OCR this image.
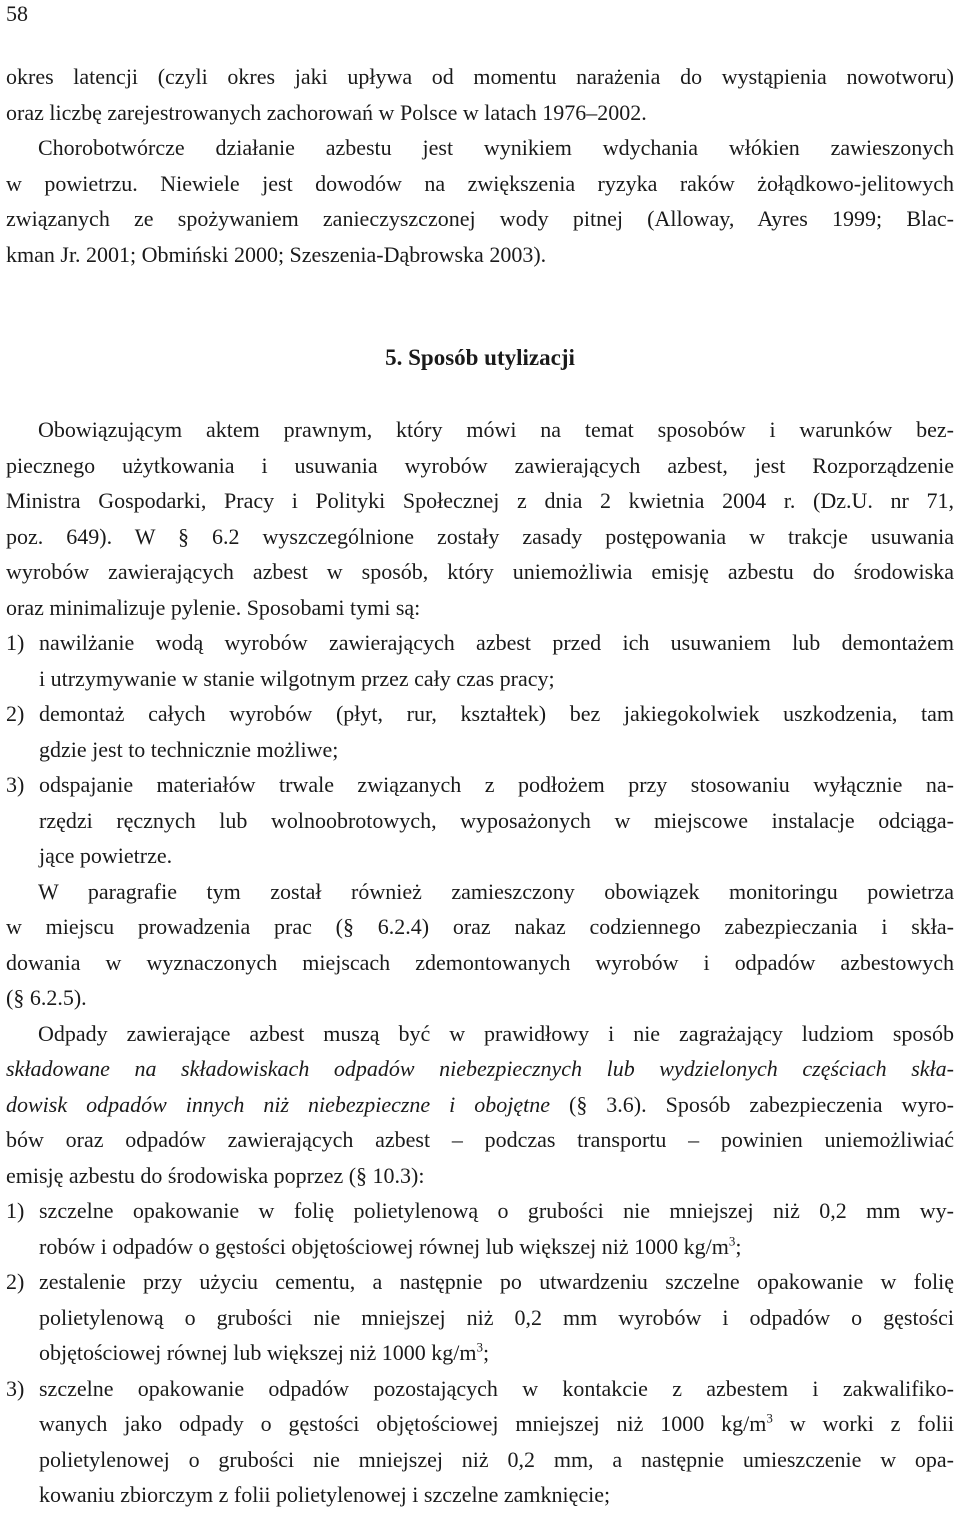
58
okres latencji (czyli okres jaki upływa od momentu narażenia do wystąpienia nowotworu)
oraz liczbę zarejestrowanych zachorowań w Polsce w latach 1976–2002.
Chorobotwórcze działanie azbestu jest wynikiem wdychania włókien zawieszonych
w powietrzu. Niewiele jest dowodów na zwiększenia ryzyka raków żołądkowo-jelitowych
związanych ze spożywaniem zanieczyszczonej wody pitnej (Alloway, Ayres 1999; Blac-
kman Jr. 2001; Obmiński 2000; Szeszenia-Dąbrowska 2003).
5. Sposób utylizacji
Obowiązującym aktem prawnym, który mówi na temat sposobów i warunków bez-
piecznego użytkowania i usuwania wyrobów zawierających azbest, jest Rozporządzenie
Ministra Gospodarki, Pracy i Polityki Społecznej z dnia 2 kwietnia 2004 r. (Dz.U. nr 71,
poz. 649). W § 6.2 wyszczególnione zostały zasady postępowania w trakcje usuwania
wyrobów zawierających azbest w sposób, który uniemożliwia emisję azbestu do środowiska
oraz minimalizuje pylenie. Sposobami tymi są:
1) nawilżanie wodą wyrobów zawierających azbest przed ich usuwaniem lub demontażem
i utrzymywanie w stanie wilgotnym przez cały czas pracy;
2) demontaż całych wyrobów (płyt, rur, kształtek) bez jakiegokolwiek uszkodzenia, tam
gdzie jest to technicznie możliwe;
3) odspajanie materiałów trwale związanych z podłożem przy stosowaniu wyłącznie na-
rzędzi ręcznych lub wolnoobrotowych, wyposażonych w miejscowe instalacje odciąga-
jące powietrze.
W paragrafie tym został również zamieszczony obowiązek monitoringu powietrza
w miejscu prowadzenia prac (§ 6.2.4) oraz nakaz codziennego zabezpieczania i skła-
dowania w wyznaczonych miejscach zdemontowanych wyrobów i odpadów azbestowych
(§ 6.2.5).
Odpady zawierające azbest muszą być w prawidłowy i nie zagrażający ludziom sposób
składowane na składowiskach odpadów niebezpiecznych lub wydzielonych częściach skła-
dowisk odpadów innych niż niebezpieczne i obojętne (§ 3.6). Sposób zabezpieczenia wyro-
bów oraz odpadów zawierających azbest – podczas transportu – powinien uniemożliwiać
emisję azbestu do środowiska poprzez (§ 10.3):
1) szczelne opakowanie w folię polietylenową o grubości nie mniejszej niż 0,2 mm wy-
robów i odpadów o gęstości objętościowej równej lub większej niż 1000 $kg/m^3$;
2) zestalenie przy użyciu cementu, a następnie po utwardzeniu szczelne opakowanie w folię
polietylenową o grubości nie mniejszej niż 0,2 mm wyrobów i odpadów o gęstości
objętościowej równej lub większej niż 1000 $kg/m^3$;
3) szczelne opakowanie odpadów pozostających w kontakcie z azbestem i zakwalifiko-
wanych jako odpady o gęstości objętościowej mniejszej niż 1000 $kg/m^3$ w worki z folii
polietylenowej o grubości nie mniejszej niż 0,2 mm, a następnie umieszczenie w opa-
kowaniu zbiorczym z folii polietylenowej i szczelne zamknięcie;
